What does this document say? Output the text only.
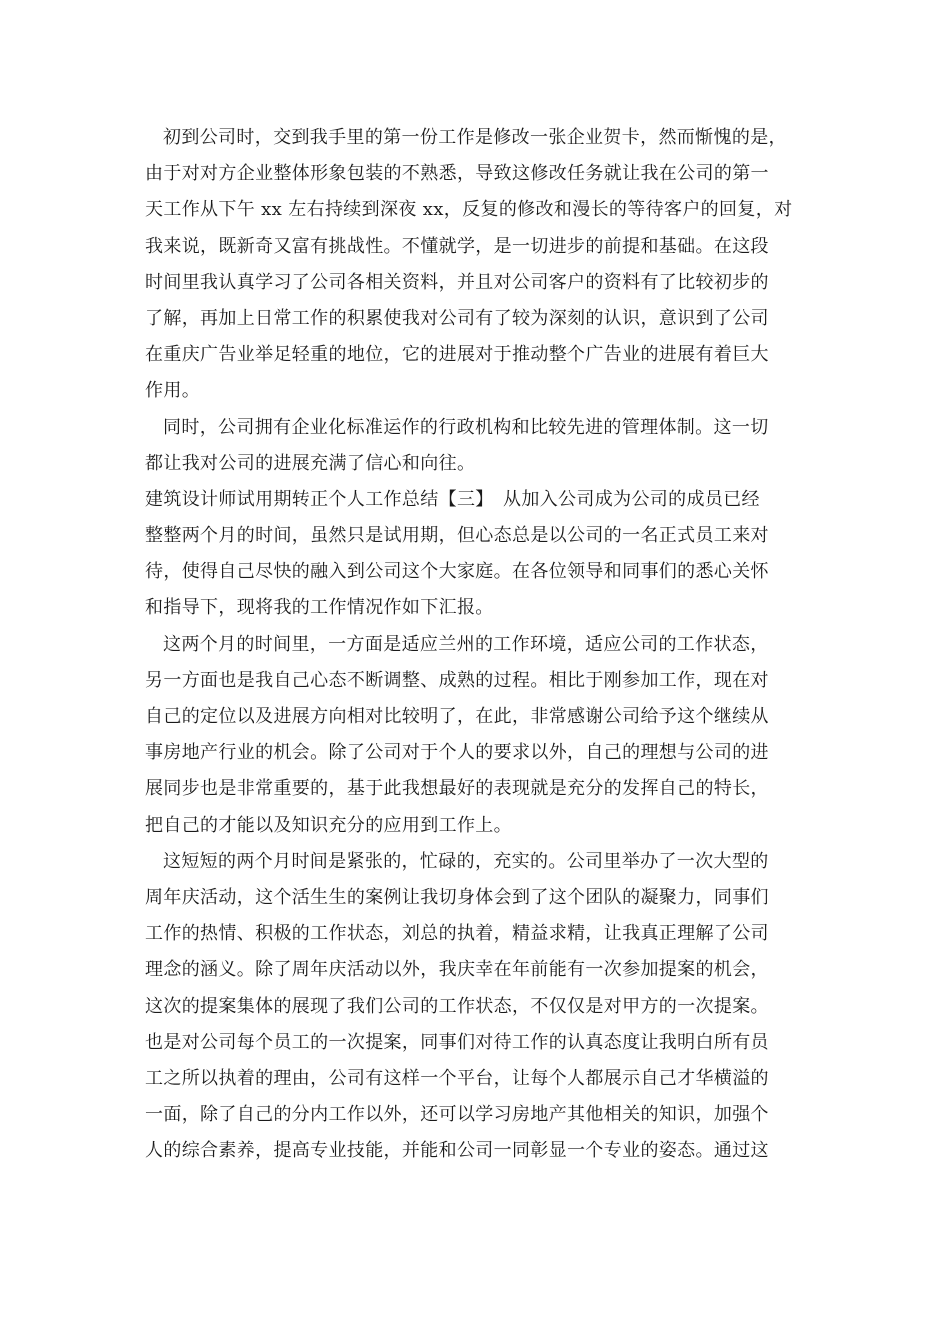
初到公司时，交到我手里的第一份工作是修改一张企业贺卡，然而惭愧的是，
由于对对方企业整体形象包装的不熟悉，导致这修改任务就让我在公司的第一
天工作从下午 xx 左右持续到深夜 xx，反复的修改和漫长的等待客户的回复，对
我来说，既新奇又富有挑战性。不懂就学，是一切进步的前提和基础。在这段
时间里我认真学习了公司各相关资料，并且对公司客户的资料有了比较初步的
了解，再加上日常工作的积累使我对公司有了较为深刻的认识，意识到了公司
在重庆广告业举足轻重的地位，它的进展对于推动整个广告业的进展有着巨大
作用。
同时，公司拥有企业化标准运作的行政机构和比较先进的管理体制。这一切
都让我对公司的进展充满了信心和向往。
建筑设计师试用期转正个人工作总结【三】　从加入公司成为公司的成员已经
整整两个月的时间，虽然只是试用期，但心态总是以公司的一名正式员工来对
待，使得自己尽快的融入到公司这个大家庭。在各位领导和同事们的悉心关怀
和指导下，现将我的工作情况作如下汇报。
这两个月的时间里，一方面是适应兰州的工作环境，适应公司的工作状态，
另一方面也是我自己心态不断调整、成熟的过程。相比于刚参加工作，现在对
自己的定位以及进展方向相对比较明了，在此，非常感谢公司给予这个继续从
事房地产行业的机会。除了公司对于个人的要求以外，自己的理想与公司的进
展同步也是非常重要的，基于此我想最好的表现就是充分的发挥自己的特长，
把自己的才能以及知识充分的应用到工作上。
这短短的两个月时间是紧张的，忙碌的，充实的。公司里举办了一次大型的
周年庆活动，这个活生生的案例让我切身体会到了这个团队的凝聚力，同事们
工作的热情、积极的工作状态，刘总的执着，精益求精，让我真正理解了公司
理念的涵义。除了周年庆活动以外，我庆幸在年前能有一次参加提案的机会，
这次的提案集体的展现了我们公司的工作状态，不仅仅是对甲方的一次提案。
也是对公司每个员工的一次提案，同事们对待工作的认真态度让我明白所有员
工之所以执着的理由，公司有这样一个平台，让每个人都展示自己才华横溢的
一面，除了自己的分内工作以外，还可以学习房地产其他相关的知识，加强个
人的综合素养，提高专业技能，并能和公司一同彰显一个专业的姿态。通过这
